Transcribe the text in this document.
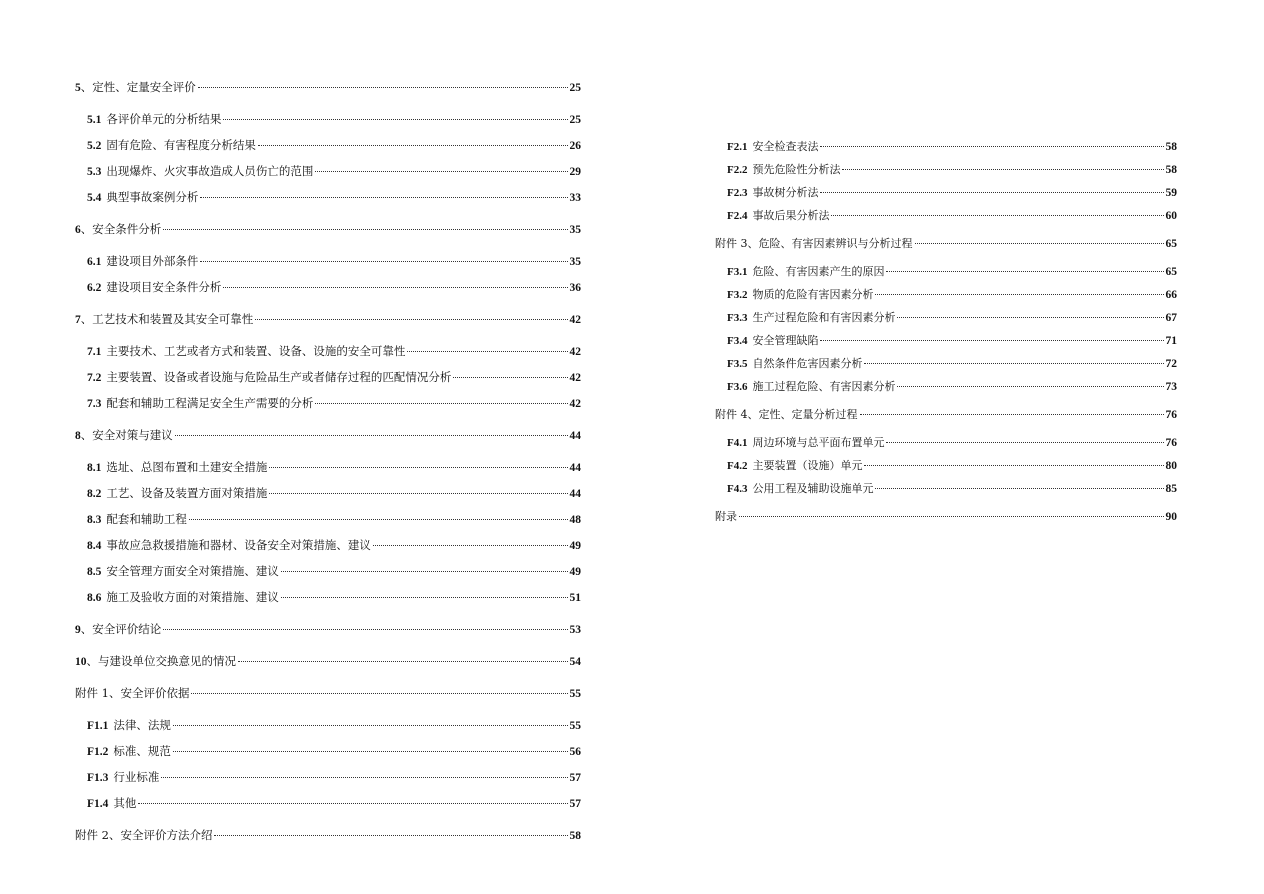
5 、定性、定量安全评价	25
5.1 各评价单元的分析结果	25
5.2 固有危险、有害程度分析结果	26
5.3 出现爆炸、火灾事故造成人员伤亡的范围	29
5.4 典型事故案例分析	33
6 、安全条件分析	35
6.1 建设项目外部条件	35
6.2 建设项目安全条件分析	36
7 、工艺技术和装置及其安全可靠性	42
7.1 主要技术、工艺或者方式和装置、设备、设施的安全可靠性	42
7.2 主要装置、设备或者设施与危险品生产或者储存过程的匹配情况分析	42
7.3 配套和辅助工程满足安全生产需要的分析	42
8 、安全对策与建议	44
8.1 选址、总图布置和土建安全措施	44
8.2 工艺、设备及装置方面对策措施	44
8.3 配套和辅助工程	48
8.4 事故应急救援措施和器材、设备安全对策措施、建议	49
8.5 安全管理方面安全对策措施、建议	49
8.6 施工及验收方面的对策措施、建议	51
9 、安全评价结论	53
10 、与建设单位交换意见的情况	54
附件 1、安全评价依据	55
F1.1 法律、法规	55
F1.2 标准、规范	56
F1.3 行业标准	57
F1.4 其他	57
附件 2、安全评价方法介绍	58
F2.1 安全检查表法	58
F2.2 预先危险性分析法	58
F2.3 事故树分析法	59
F2.4 事故后果分析法	60
附件 3、危险、有害因素辨识与分析过程	65
F3.1 危险、有害因素产生的原因	65
F3.2 物质的危险有害因素分析	66
F3.3 生产过程危险和有害因素分析	67
F3.4 安全管理缺陷	71
F3.5 自然条件危害因素分析	72
F3.6 施工过程危险、有害因素分析	73
附件 4、定性、定量分析过程	76
F4.1 周边环境与总平面布置单元	76
F4.2 主要装置（设施）单元	80
F4.3 公用工程及辅助设施单元	85
附录	90
